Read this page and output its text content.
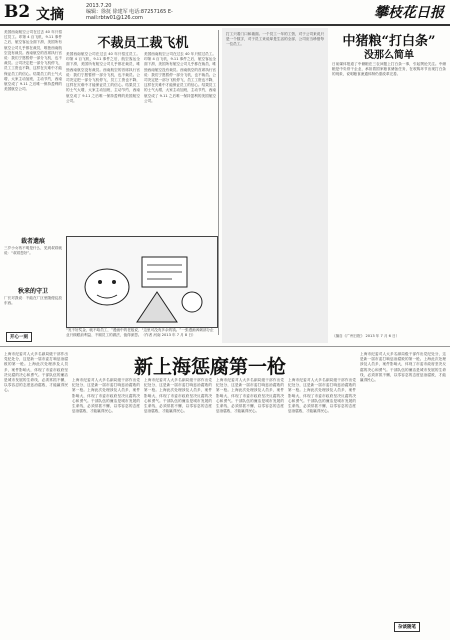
B2 文摘
2013.7.20
编辑：徐抚 徐建军 电话:87257165 E-mail:rbtw01@126.com	攀枝花日报
美国西南航空公司在过去 40 年只招过员工。印第 4 百飞机，9.11 事件之后，航空客运全面下滑，美国所有航空公司几乎都在裁员，唯独西南航空没有裁员。西南航空的首席执行官说：我们宁愿暂停一部分飞机，也不裁员。公司决定把一部分飞机停飞，员工工资也不降，这样在灾难中才能保证员工的信心。结果员工的士气大增，大家主动加班，主动节约，西南航空成了 9.11 之后唯一保持盈利的美国航空公司。
不裁员工裁飞机
美国西南航空公司在过去 40 年只招过员工。印第 4 百飞机，9.11 事件之后，航空客运全面下滑，美国所有航空公司几乎都在裁员，唯独西南航空没有裁员。西南航空的首席执行官说：我们宁愿暂停一部分飞机，也不裁员。公司决定把一部分飞机停飞，员工工资也不降，这样在灾难中才能保证员工的信心。结果员工的士气大增，大家主动加班，主动节约，西南航空成了 9.11 之后唯一保持盈利的美国航空公司。
美国西南航空公司在过去 40 年只招过员工。印第 4 百飞机，9.11 事件之后，航空客运全面下滑，美国所有航空公司几乎都在裁员，唯独西南航空没有裁员。西南航空的首席执行官说：我们宁愿暂停一部分飞机，也不裁员。公司决定把一部分飞机停飞，员工工资也不降，这样在灾难中才能保证员工的信心。结果员工的士气大增，大家主动加班，主动节约，西南航空成了 9.11 之后唯一保持盈利的美国航空公司。
裁者遗痕
三岁小女孩不明是什么，见到叔叔就说：“叔叔您好”。
秋来的守卫
厂长对我说：不能在厂区里随便乱放东西。
开心一刻
“发不好奖金，就不给员工，”漫画中的老板说，“这里可没有多余的钱。”一张漫画讽刺部分企业只顾眼前利益、不顾员工的做法，值得深思。（作者 河南 2013 年 7 月 8 日）
打工只看门口和墙面。一个员工一年的工资，对于公司来说只是一个数字，对于员工来说却是生活的全部，公司应当珍惜每一位员工。	中猪粮“打白条”
没那么简单
日前媒体报道了中储粮在三农问题上打白条一事，引起舆论关注。中储粮是中央骨干企业，承担着国家粮食储备任务，在收购环节出现打白条的现象，说明粮食流通体制仍需改革完善。
（摘自《广州日报》 2013 年 7 月 6 日）
新上海惩腐第一枪
上海市纪委对人大多名副局级干部作出党纪处分，这是新一届市委打响惩治腐败的第一枪。上海此次处理涉及人员多，案件影响大，体现了市委市政府坚决反腐的决心和勇气。干部队伍的廉洁是城市发展的生命线，必须常抓不懈，以零容忍的态度惩治腐败，才能赢得民心。
上海市纪委对人大多名副局级干部作出党纪处分，这是新一届市委打响惩治腐败的第一枪。上海此次处理涉及人员多，案件影响大，体现了市委市政府坚决反腐的决心和勇气。干部队伍的廉洁是城市发展的生命线，必须常抓不懈，以零容忍的态度惩治腐败，才能赢得民心。
上海市纪委对人大多名副局级干部作出党纪处分，这是新一届市委打响惩治腐败的第一枪。上海此次处理涉及人员多，案件影响大，体现了市委市政府坚决反腐的决心和勇气。干部队伍的廉洁是城市发展的生命线，必须常抓不懈，以零容忍的态度惩治腐败，才能赢得民心。
上海市纪委对人大多名副局级干部作出党纪处分，这是新一届市委打响惩治腐败的第一枪。上海此次处理涉及人员多，案件影响大，体现了市委市政府坚决反腐的决心和勇气。干部队伍的廉洁是城市发展的生命线，必须常抓不懈，以零容忍的态度惩治腐败，才能赢得民心。
上海市纪委对人大多名副局级干部作出党纪处分，这是新一届市委打响惩治腐败的第一枪。上海此次处理涉及人员多，案件影响大，体现了市委市政府坚决反腐的决心和勇气。干部队伍的廉洁是城市发展的生命线，必须常抓不懈，以零容忍的态度惩治腐败，才能赢得民心。
上海市纪委对人大多名副局级干部作出党纪处分，这是新一届市委打响惩治腐败的第一枪。上海此次处理涉及人员多，案件影响大，体现了市委市政府坚决反腐的决心和勇气。干部队伍的廉洁是城市发展的生命线，必须常抓不懈，以零容忍的态度惩治腐败，才能赢得民心。
杂谈随笔
